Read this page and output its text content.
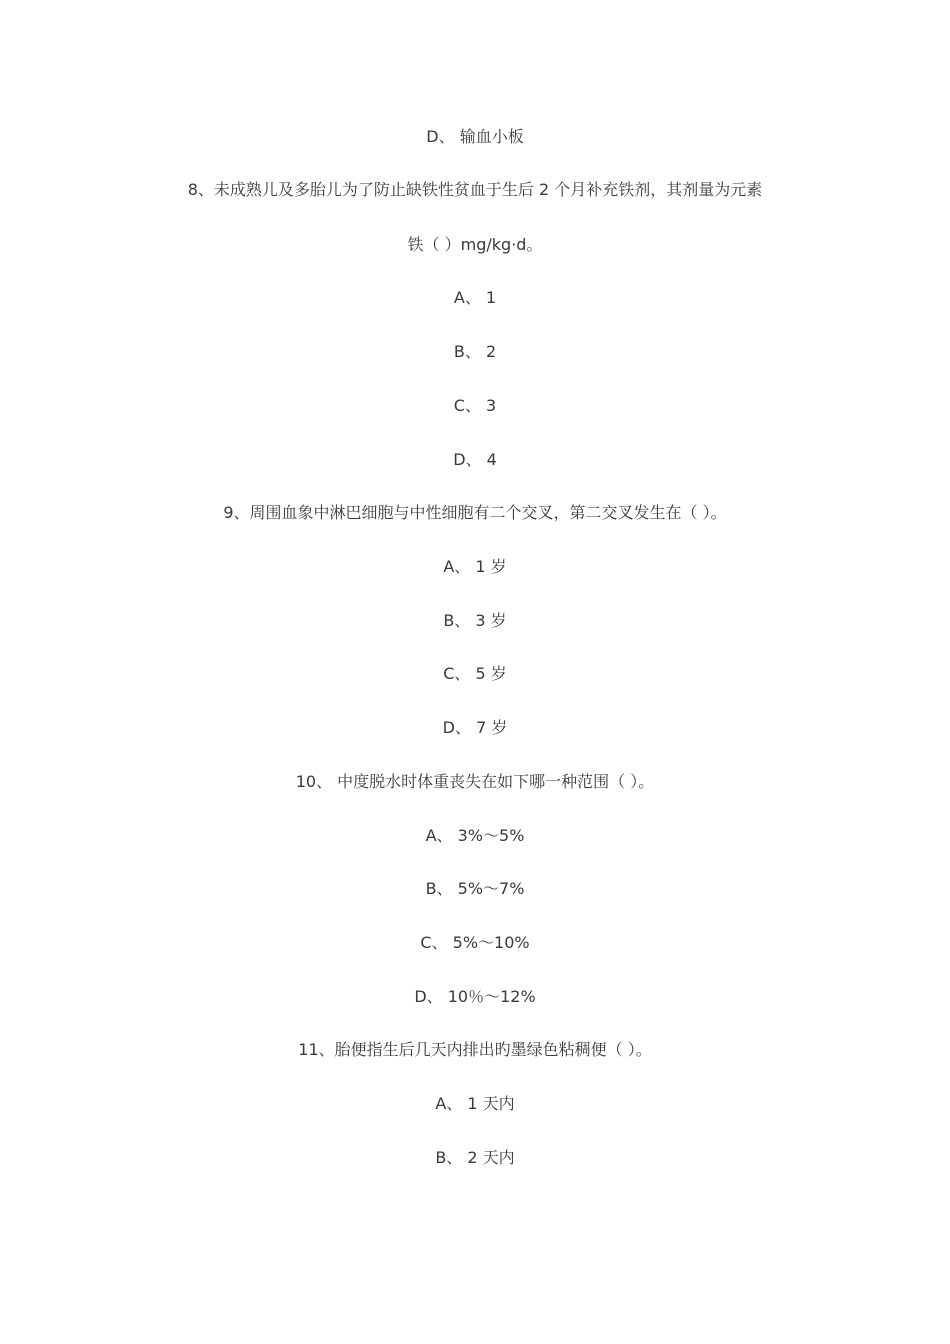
D、 输血小板
8、未成熟儿及多胎儿为了防止缺铁性贫血于生后 2 个月补充铁剂，其剂量为元素
铁（ ）mg/kg·d。
A、 1
B、 2
C、 3
D、 4
9、周围血象中淋巴细胞与中性细胞有二个交叉，第二交叉发生在（ ）。
A、 1 岁
B、 3 岁
C、 5 岁
D、 7 岁
10、 中度脱水时体重丧失在如下哪一种范围（ ）。
A、 3%～5%
B、 5%～7%
C、 5%～10%
D、 10％～12%
11、胎便指生后几天内排出旳墨绿色粘稠便（ ）。
A、 1 天内
B、 2 天内
